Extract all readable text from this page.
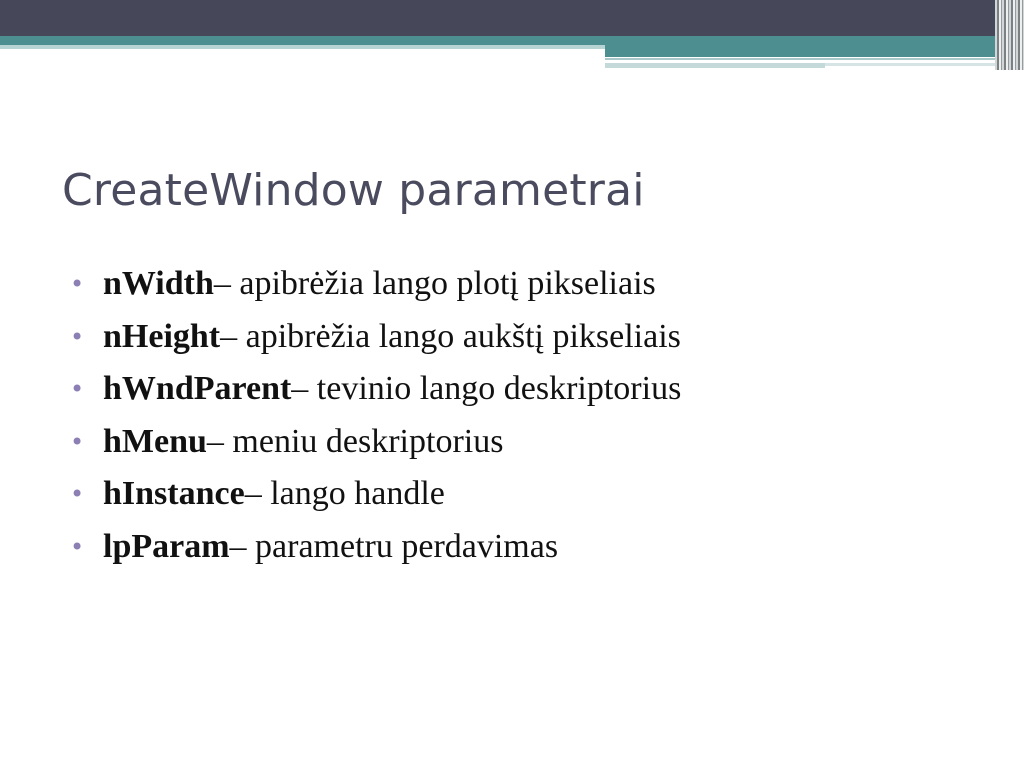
CreateWindow parametrai
• nWidth – apibrėžia lango plotį pikseliais
• nHeight – apibrėžia lango aukštį pikseliais
• hWndParent – tevinio lango deskriptorius
• hMenu – meniu deskriptorius
• hInstance – lango handle
• lpParam – parametru perdavimas
